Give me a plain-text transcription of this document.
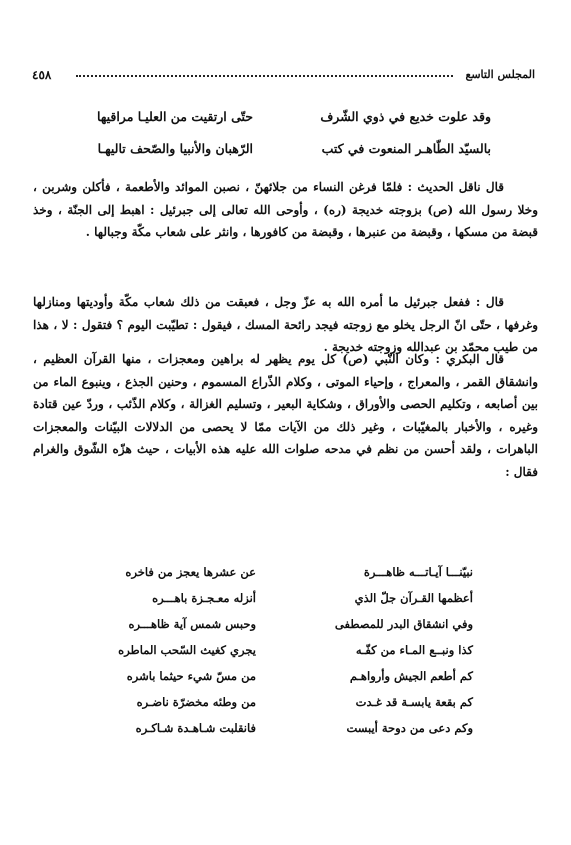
المجلس التاسع
٤٥٨
وقد علوت خديع في ذوي الشّرف
حتّى ارتقيت من العليـا مراقيها
بالسيّد الطّاهـر المنعوت في كتب
الرّهبان والأنبيا والصّحف تاليهـا

قال ناقل الحديث : فلمّا فرغن النساء من جلائهنّ ، نصبن الموائد والأطعمة ، فأكلن وشربن ، وخلا رسول الله (ص) بزوجته خديجة (ره) ، وأوحى الله تعالى إلى جبرئيل : اهبط إلى الجنّة ، وخذ قبضة من مسكها ، وقبضة من عنبرها ، وقبضة من كافورها ، وانثر على شعاب مكّة وجبالها .

قال : ففعل جبرئيل ما أمره الله به عزّ وجل ، فعبقت من ذلك شعاب مكّة وأوديتها ومنازلها وغرفها ، حتّى انّ الرجل يخلو مع زوجته فيجد رائحة المسك ، فيقول : تطيّبت اليوم ؟ فتقول : لا ، هذا من طيب محمّد بن عبدالله وزوجته خديجة .

قال البكري : وكان النّبي (ص) كل يوم يظهر له براهين ومعجزات ، منها القرآن العظيم ، وانشقاق القمر ، والمعراج ، وإحياء الموتى ، وكلام الذّراع المسموم ، وحنين الجذع ، وينبوع الماء من بين أصابعه ، وتكليم الحصى والأوراق ، وشكاية البعير ، وتسليم الغزالة ، وكلام الذّئب ، وردّ عين قتادة وغيره ، والأخبار بالمغيّبات ، وغير ذلك من الآيات ممّا لا يحصى من الدلالات البيّنات والمعجزات الباهرات ، ولقد أحسن من نظم في مدحه صلوات الله عليه هذه الأبيات ، حيث هزّه الشّوق والغرام فقال :

نبيّنـــا آيـاتـــه ظاهـــرة
عن عشرها يعجز من فاخره
أعظمها القـرآن جلّ الذي
أنزله معـجـزة باهـــره
وفي انشقاق البدر للمصطفى
وحبس شمس آية ظاهـــره
كذا ونبــع المـاء من كفّـه
يجري كغيث السّحب الماطره
كم أطعم الجيش وأرواهـم
من مسّ شيء حيثما باشره
كم بقعة يابسـة قد غـدت
من وطئه مخضرّة ناضـره
وكم دعى من دوحة أيبست
فانقلبت شـاهـدة شـاكـره
